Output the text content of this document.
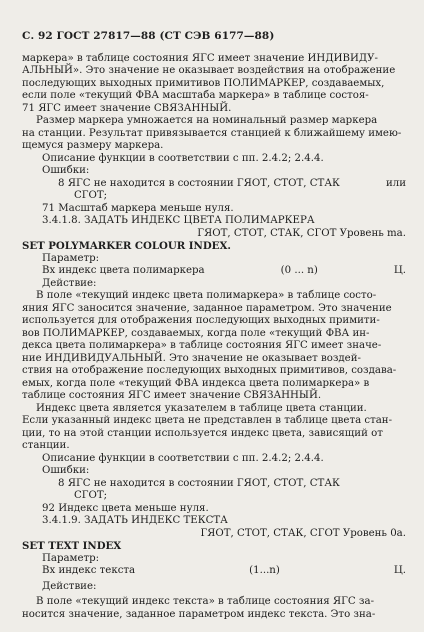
С. 92 ГОСТ 27817—88 (СТ СЭВ 6177—88)

маркера» в таблице состояния ЯГС имеет значение ИНДИВИДУ-

АЛЬНЫЙ». Это значение не оказывает воздействия на отображение

последующих выходных примитивов ПОЛИМАРКЕР, создаваемых,

если поле «текущий ФВА масштаба маркера» в таблице состоя-

71 ЯГС имеет значение СВЯЗАННЫЙ.

Размер маркера умножается на номинальный размер маркера

на станции. Результат привязывается станцией к ближайшему имею-

щемуся размеру маркера.

Описание функции в соответствии с пп. 2.4.2; 2.4.4.

Ошибки:

8 ЯГС не находится в состоянии ГЯОТ, СТОТ, СТАК	или

СГОТ;

71 Масштаб маркера меньше нуля.

3.4.1.8. ЗАДАТЬ ИНДЕКС ЦВЕТА ПОЛИМАРКЕРА

ГЯОТ, СТОТ, СТАК, СГОТ Уровень ma.

SET POLYMARKER COLOUR INDEX.

Параметр:

Вх индекс цвета полимаркера	(0 ... n)	Ц.

Действие:

В поле «текущий индекс цвета полимаркера» в таблице состо-

яния ЯГС заносится значение, заданное параметром. Это значение

используется для отображения последующих выходных примити-

вов ПОЛИМАРКЕР, создаваемых, когда поле «текущий ФВА ин-

декса цвета полимаркера» в таблице состояния ЯГС имеет значе-

ние ИНДИВИДУАЛЬНЫЙ. Это значение не оказывает воздей-

ствия на отображение последующих выходных примитивов, создава-

емых, когда поле «текущий ФВА индекса цвета полимаркера» в

таблице состояния ЯГС имеет значение СВЯЗАННЫЙ.

Индекс цвета является указателем в таблице цвета станции.

Если указанный индекс цвета не представлен в таблице цвета стан-

ции, то на этой станции используется индекс цвета, зависящий от

станции.

Описание функции в соответствии с пп. 2.4.2; 2.4.4.

Ошибки:

8 ЯГС не находится в состоянии ГЯОТ, СТОТ, СТАК

СГОТ;

92 Индекс цвета меньше нуля.

3.4.1.9. ЗАДАТЬ ИНДЕКС ТЕКСТА

ГЯОТ, СТОТ, СТАК, СГОТ Уровень 0а.

SET TEXT INDEX

Параметр:

Вх индекс текста	(1...n)	Ц.

Действие:

В поле «текущий индекс текста» в таблице состояния ЯГС за-

носится значение, заданное параметром индекс текста. Это зна-
